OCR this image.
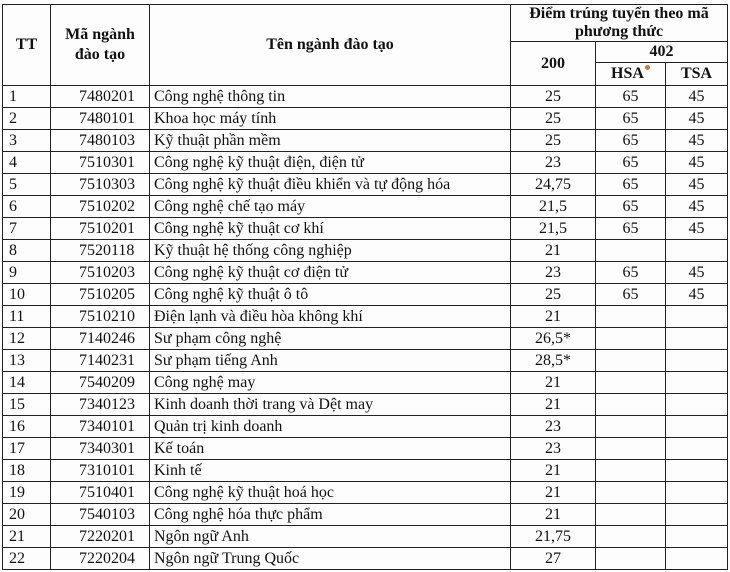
TT	Mã ngành đào tạo	Tên ngành đào tạo	Điểm trúng tuyển theo mã phương thức		
			200	402	
				HSA	TSA
1	7480201	Công nghệ thông tin	25	65	45
2	7480101	Khoa học máy tính	25	65	45
3	7480103	Kỹ thuật phần mềm	25	65	45
4	7510301	Công nghệ kỹ thuật điện, điện tử	23	65	45
5	7510303	Công nghệ kỹ thuật điều khiển và tự động hóa	24,75	65	45
6	7510202	Công nghệ chế tạo máy	21,5	65	45
7	7510201	Công nghệ kỹ thuật cơ khí	21,5	65	45
8	7520118	Kỹ thuật hệ thống công nghiệp	21		
9	7510203	Công nghệ kỹ thuật cơ điện tử	23	65	45
10	7510205	Công nghệ kỹ thuật ô tô	25	65	45
11	7510210	Điện lạnh và điều hòa không khí	21		
12	7140246	Sư phạm công nghệ	26,5*		
13	7140231	Sư phạm tiếng Anh	28,5*		
14	7540209	Công nghệ may	21		
15	7340123	Kinh doanh thời trang và Dệt may	21		
16	7340101	Quản trị kinh doanh	23		
17	7340301	Kế toán	23		
18	7310101	Kinh tế	21		
19	7510401	Công nghệ kỹ thuật hoá học	21		
20	7540103	Công nghệ hóa thực phẩm	21		
21	7220201	Ngôn ngữ Anh	21,75		
22	7220204	Ngôn ngữ Trung Quốc	27		
